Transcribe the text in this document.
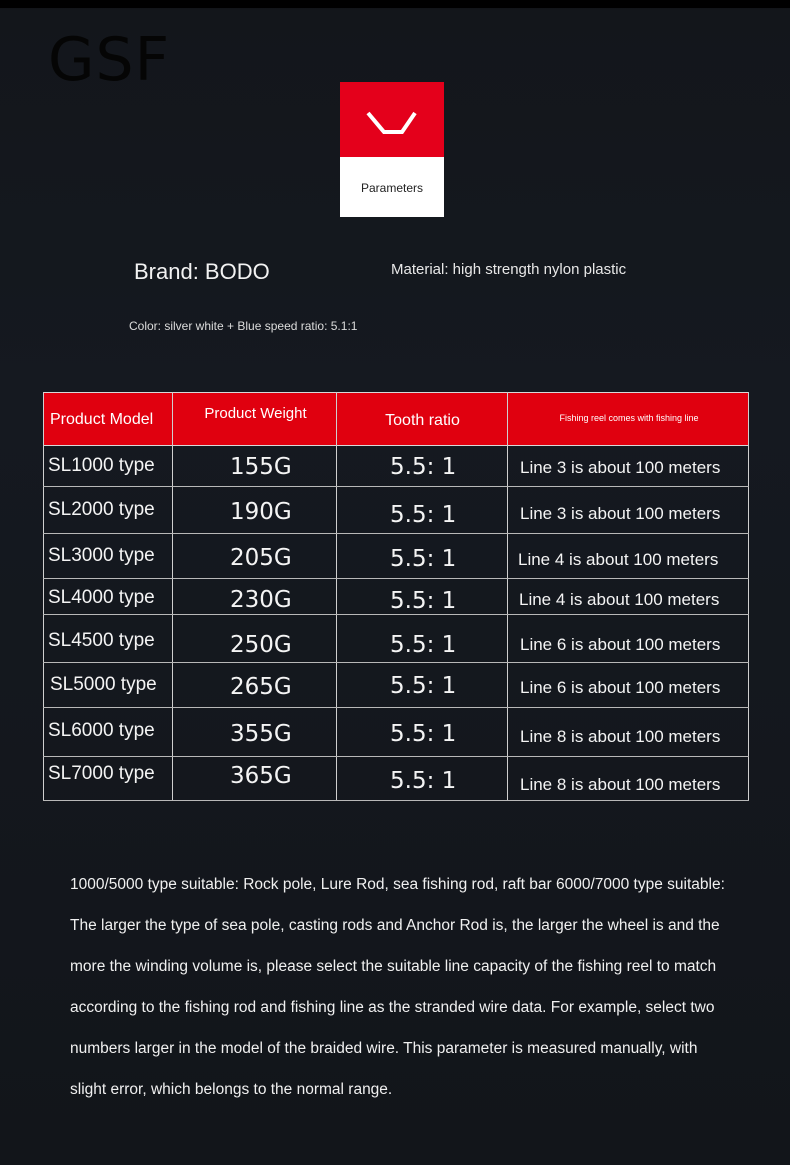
GSF
Parameters
Brand: BODO	Material: high strength nylon plastic
Color: silver white + Blue speed ratio: 5.1:1
Product Model	Product Weight	Tooth ratio	Fishing reel comes with fishing line
SL1000 type	155G	5.5: 1	Line 3 is about 100 meters
SL2000 type	190G	5.5: 1	Line 3 is about 100 meters
SL3000 type	205G	5.5: 1	Line 4 is about 100 meters
SL4000 type	230G	5.5: 1	Line 4 is about 100 meters
SL4500 type	250G	5.5: 1	Line 6 is about 100 meters
SL5000 type	265G	5.5: 1	Line 6 is about 100 meters
SL6000 type	355G	5.5: 1	Line 8 is about 100 meters
SL7000 type	365G	5.5: 1	Line 8 is about 100 meters
1000/5000 type suitable: Rock pole, Lure Rod, sea fishing rod, raft bar 6000/7000 type suitable: The larger the type of sea pole, casting rods and Anchor Rod is, the larger the wheel is and the more the winding volume is, please select the suitable line capacity of the fishing reel to match according to the fishing rod and fishing line as the stranded wire data. For example, select two numbers larger in the model of the braided wire. This parameter is measured manually, with slight error, which belongs to the normal range.
